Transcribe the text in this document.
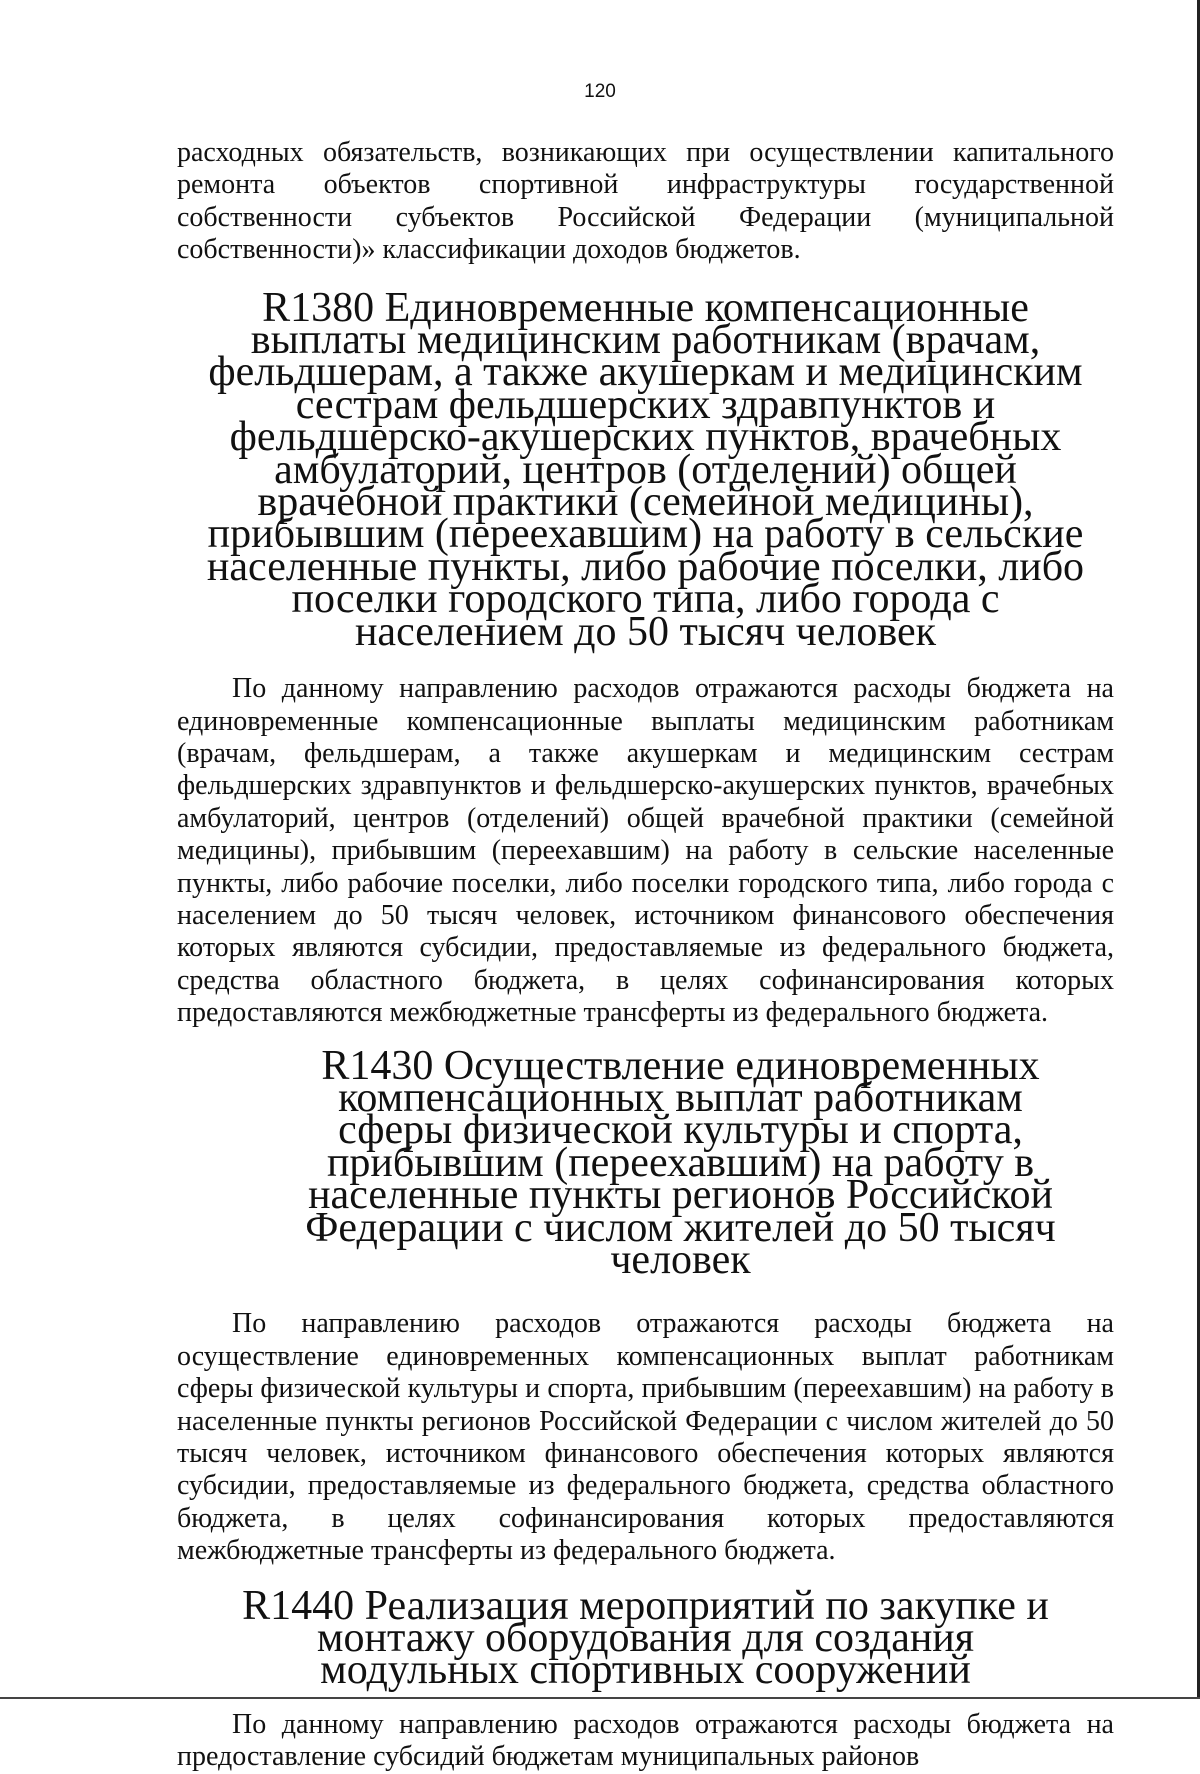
120

расходных обязательств, возникающих при осуществлении капитального ремонта объектов спортивной инфраструктуры государственной собственности субъектов Российской Федерации (муниципальной собственности)» классификации доходов бюджетов.

R1380 Единовременные компенсационные выплаты медицинским работникам (врачам, фельдшерам, а также акушеркам и медицинским сестрам фельдшерских здравпунктов и фельдшерско-акушерских пунктов, врачебных амбулаторий, центров (отделений) общей врачебной практики (семейной медицины), прибывшим (переехавшим) на работу в сельские населенные пункты, либо рабочие поселки, либо поселки городского типа, либо города с населением до 50 тысяч человек

По данному направлению расходов отражаются расходы бюджета на единовременные компенсационные выплаты медицинским работникам (врачам, фельдшерам, а также акушеркам и медицинским сестрам фельдшерских здравпунктов и фельдшерско-акушерских пунктов, врачебных амбулаторий, центров (отделений) общей врачебной практики (семейной медицины), прибывшим (переехавшим) на работу в сельские населенные пункты, либо рабочие поселки, либо поселки городского типа, либо города с населением до 50 тысяч человек, источником финансового обеспечения которых являются субсидии, предоставляемые из федерального бюджета, средства областного бюджета, в целях софинансирования которых предоставляются межбюджетные трансферты из федерального бюджета.

R1430 Осуществление единовременных компенсационных выплат работникам сферы физической культуры и спорта, прибывшим (переехавшим) на работу в населенные пункты регионов Российской Федерации с числом жителей до 50 тысяч человек

По направлению расходов отражаются расходы бюджета на осуществление единовременных компенсационных выплат работникам сферы физической культуры и спорта, прибывшим (переехавшим) на работу в населенные пункты регионов Российской Федерации с числом жителей до 50 тысяч человек, источником финансового обеспечения которых являются субсидии, предоставляемые из федерального бюджета, средства областного бюджета, в целях софинансирования которых предоставляются межбюджетные трансферты из федерального бюджета.

R1440 Реализация мероприятий по закупке и монтажу оборудования для создания модульных спортивных сооружений

По данному направлению расходов отражаются расходы бюджета на предоставление субсидий бюджетам муниципальных районов
